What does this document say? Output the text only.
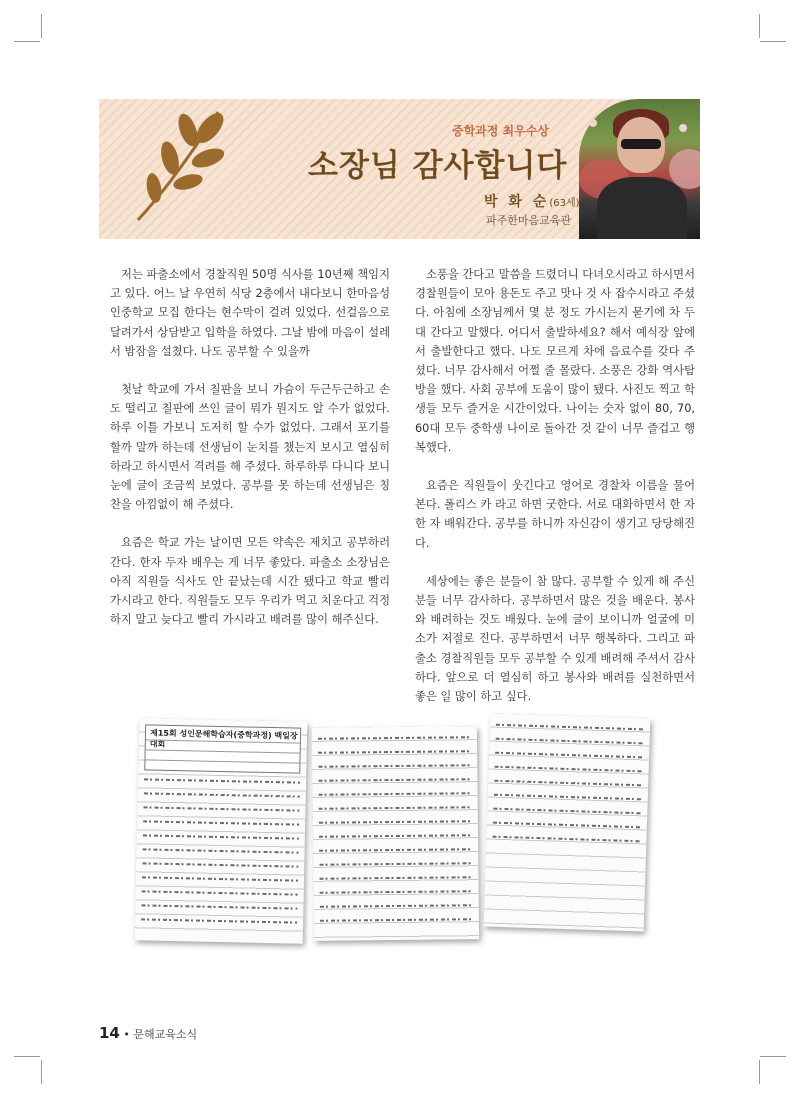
중학과정 최우수상
소장님 감사합니다
박 화 순(63세)
파주한마음교육관

저는 파출소에서 경찰직원 50명 식사를 10년째 책임지고 있다. 어느 날 우연히 식당 2층에서 내다보니 한마음성인중학교 모집 한다는 현수막이 걸려 있었다. 선걸음으로 달려가서 상담받고 입학을 하였다. 그날 밤에 마음이 설레서 밤잠을 설쳤다. 나도 공부할 수 있을까

첫날 학교에 가서 칠판을 보니 가슴이 두근두근하고 손도 떨리고 칠판에 쓰인 글이 뭐가 뭔지도 알 수가 없었다. 하루 이틀 가보니 도저히 할 수가 없었다. 그래서 포기를 할까 말까 하는데 선생님이 눈치를 챘는지 보시고 열심히 하라고 하시면서 격려를 해 주셨다. 하루하루 다니다 보니 눈에 글이 조금씩 보였다. 공부를 못 하는데 선생님은 칭찬을 아낌없이 해 주셨다.

요즘은 학교 가는 날이면 모든 약속은 제치고 공부하러 간다. 한자 두자 배우는 게 너무 좋았다. 파출소 소장님은 아직 직원들 식사도 안 끝났는데 시간 됐다고 학교 빨리 가시라고 한다. 직원들도 모두 우리가 먹고 치운다고 걱정하지 말고 늦다고 빨리 가시라고 배려를 많이 해주신다.

소풍을 간다고 말씀을 드렸더니 다녀오시라고 하시면서 경찰원들이 모아 용돈도 주고 맛나 것 사 잡수시라고 주셨다. 아침에 소장님께서 몇 분 정도 가시는지 묻기에 차 두 대 간다고 말했다. 어디서 출발하세요? 해서 예식장 앞에서 출발한다고 했다. 나도 모르게 차에 음료수를 갖다 주셨다. 너무 감사해서 어쩔 줄 몰랐다. 소풍은 강화 역사탐방을 했다. 사회 공부에 도움이 많이 됐다. 사진도 찍고 학생들 모두 즐거운 시간이었다. 나이는 숫자 없이 80, 70, 60대 모두 중학생 나이로 돌아간 것 같이 너무 즐겁고 행복했다.

요즘은 직원들이 웃긴다고 영어로 경찰차 이름을 물어본다. 폴리스 카 라고 하면 굿한다. 서로 대화하면서 한 자 한 자 배워간다. 공부를 하니까 자신감이 생기고 당당해진다.

세상에는 좋은 분들이 참 많다. 공부할 수 있게 해 주신 분들 너무 감사하다. 공부하면서 많은 것을 배운다. 봉사와 배려하는 것도 배웠다. 눈에 글이 보이니까 얼굴에 미소가 저절로 진다. 공부하면서 너무 행복하다. 그리고 파출소 경찰직원들 모두 공부할 수 있게 배려해 주셔서 감사하다. 앞으로 더 열심히 하고 봉사와 배려를 실천하면서 좋은 일 많이 하고 싶다.

제15회 성인문해학습자(중학과정) 백일장 대회
14 • 문해교육소식
